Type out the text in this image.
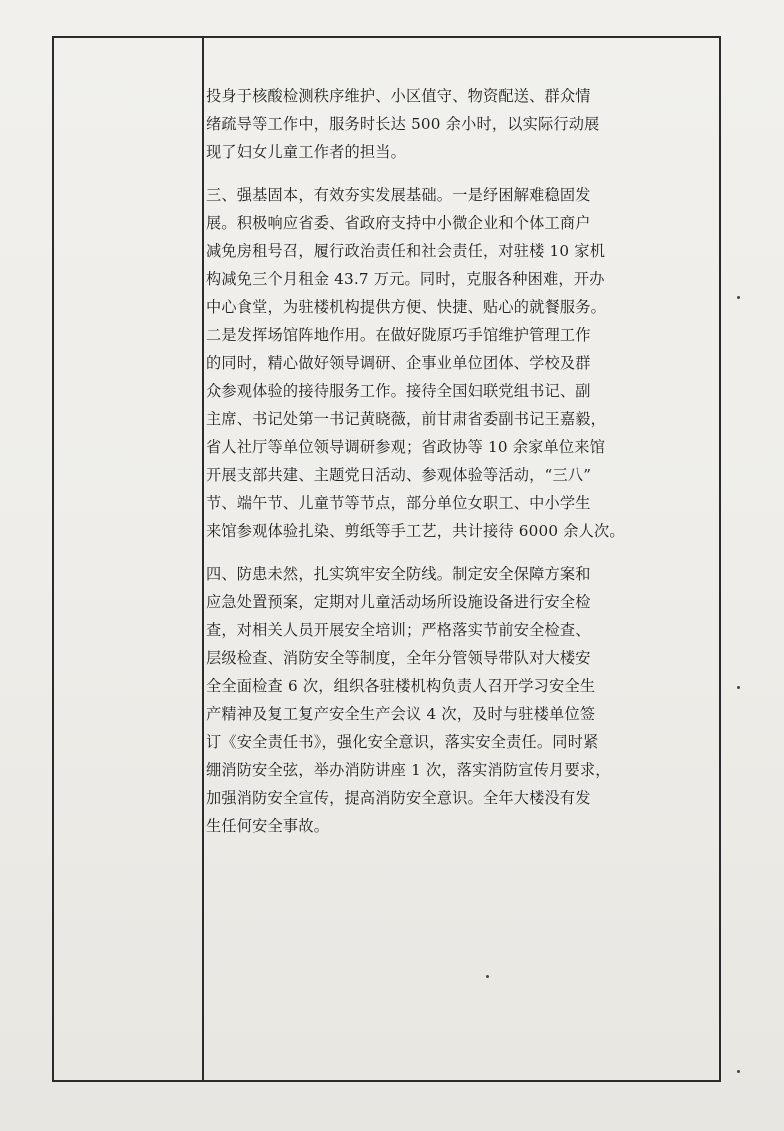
投身于核酸检测秩序维护、小区值守、物资配送、群众情
绪疏导等工作中，服务时长达 500 余小时，以实际行动展
现了妇女儿童工作者的担当。
三、强基固本，有效夯实发展基础。一是纾困解难稳固发
展。积极响应省委、省政府支持中小微企业和个体工商户
减免房租号召，履行政治责任和社会责任，对驻楼 10 家机
构减免三个月租金 43.7 万元。同时，克服各种困难，开办
中心食堂，为驻楼机构提供方便、快捷、贴心的就餐服务。
二是发挥场馆阵地作用。在做好陇原巧手馆维护管理工作
的同时，精心做好领导调研、企事业单位团体、学校及群
众参观体验的接待服务工作。接待全国妇联党组书记、副
主席、书记处第一书记黄晓薇，前甘肃省委副书记王嘉毅，
省人社厅等单位领导调研参观；省政协等 10 余家单位来馆
开展支部共建、主题党日活动、参观体验等活动，“三八”
节、端午节、儿童节等节点，部分单位女职工、中小学生
来馆参观体验扎染、剪纸等手工艺，共计接待 6000 余人次。
四、防患未然，扎实筑牢安全防线。制定安全保障方案和
应急处置预案，定期对儿童活动场所设施设备进行安全检
查，对相关人员开展安全培训；严格落实节前安全检查、
层级检查、消防安全等制度，全年分管领导带队对大楼安
全全面检查 6 次，组织各驻楼机构负责人召开学习安全生
产精神及复工复产安全生产会议 4 次，及时与驻楼单位签
订《安全责任书》，强化安全意识，落实安全责任。同时紧
绷消防安全弦，举办消防讲座 1 次，落实消防宣传月要求，
加强消防安全宣传，提高消防安全意识。全年大楼没有发
生任何安全事故。
